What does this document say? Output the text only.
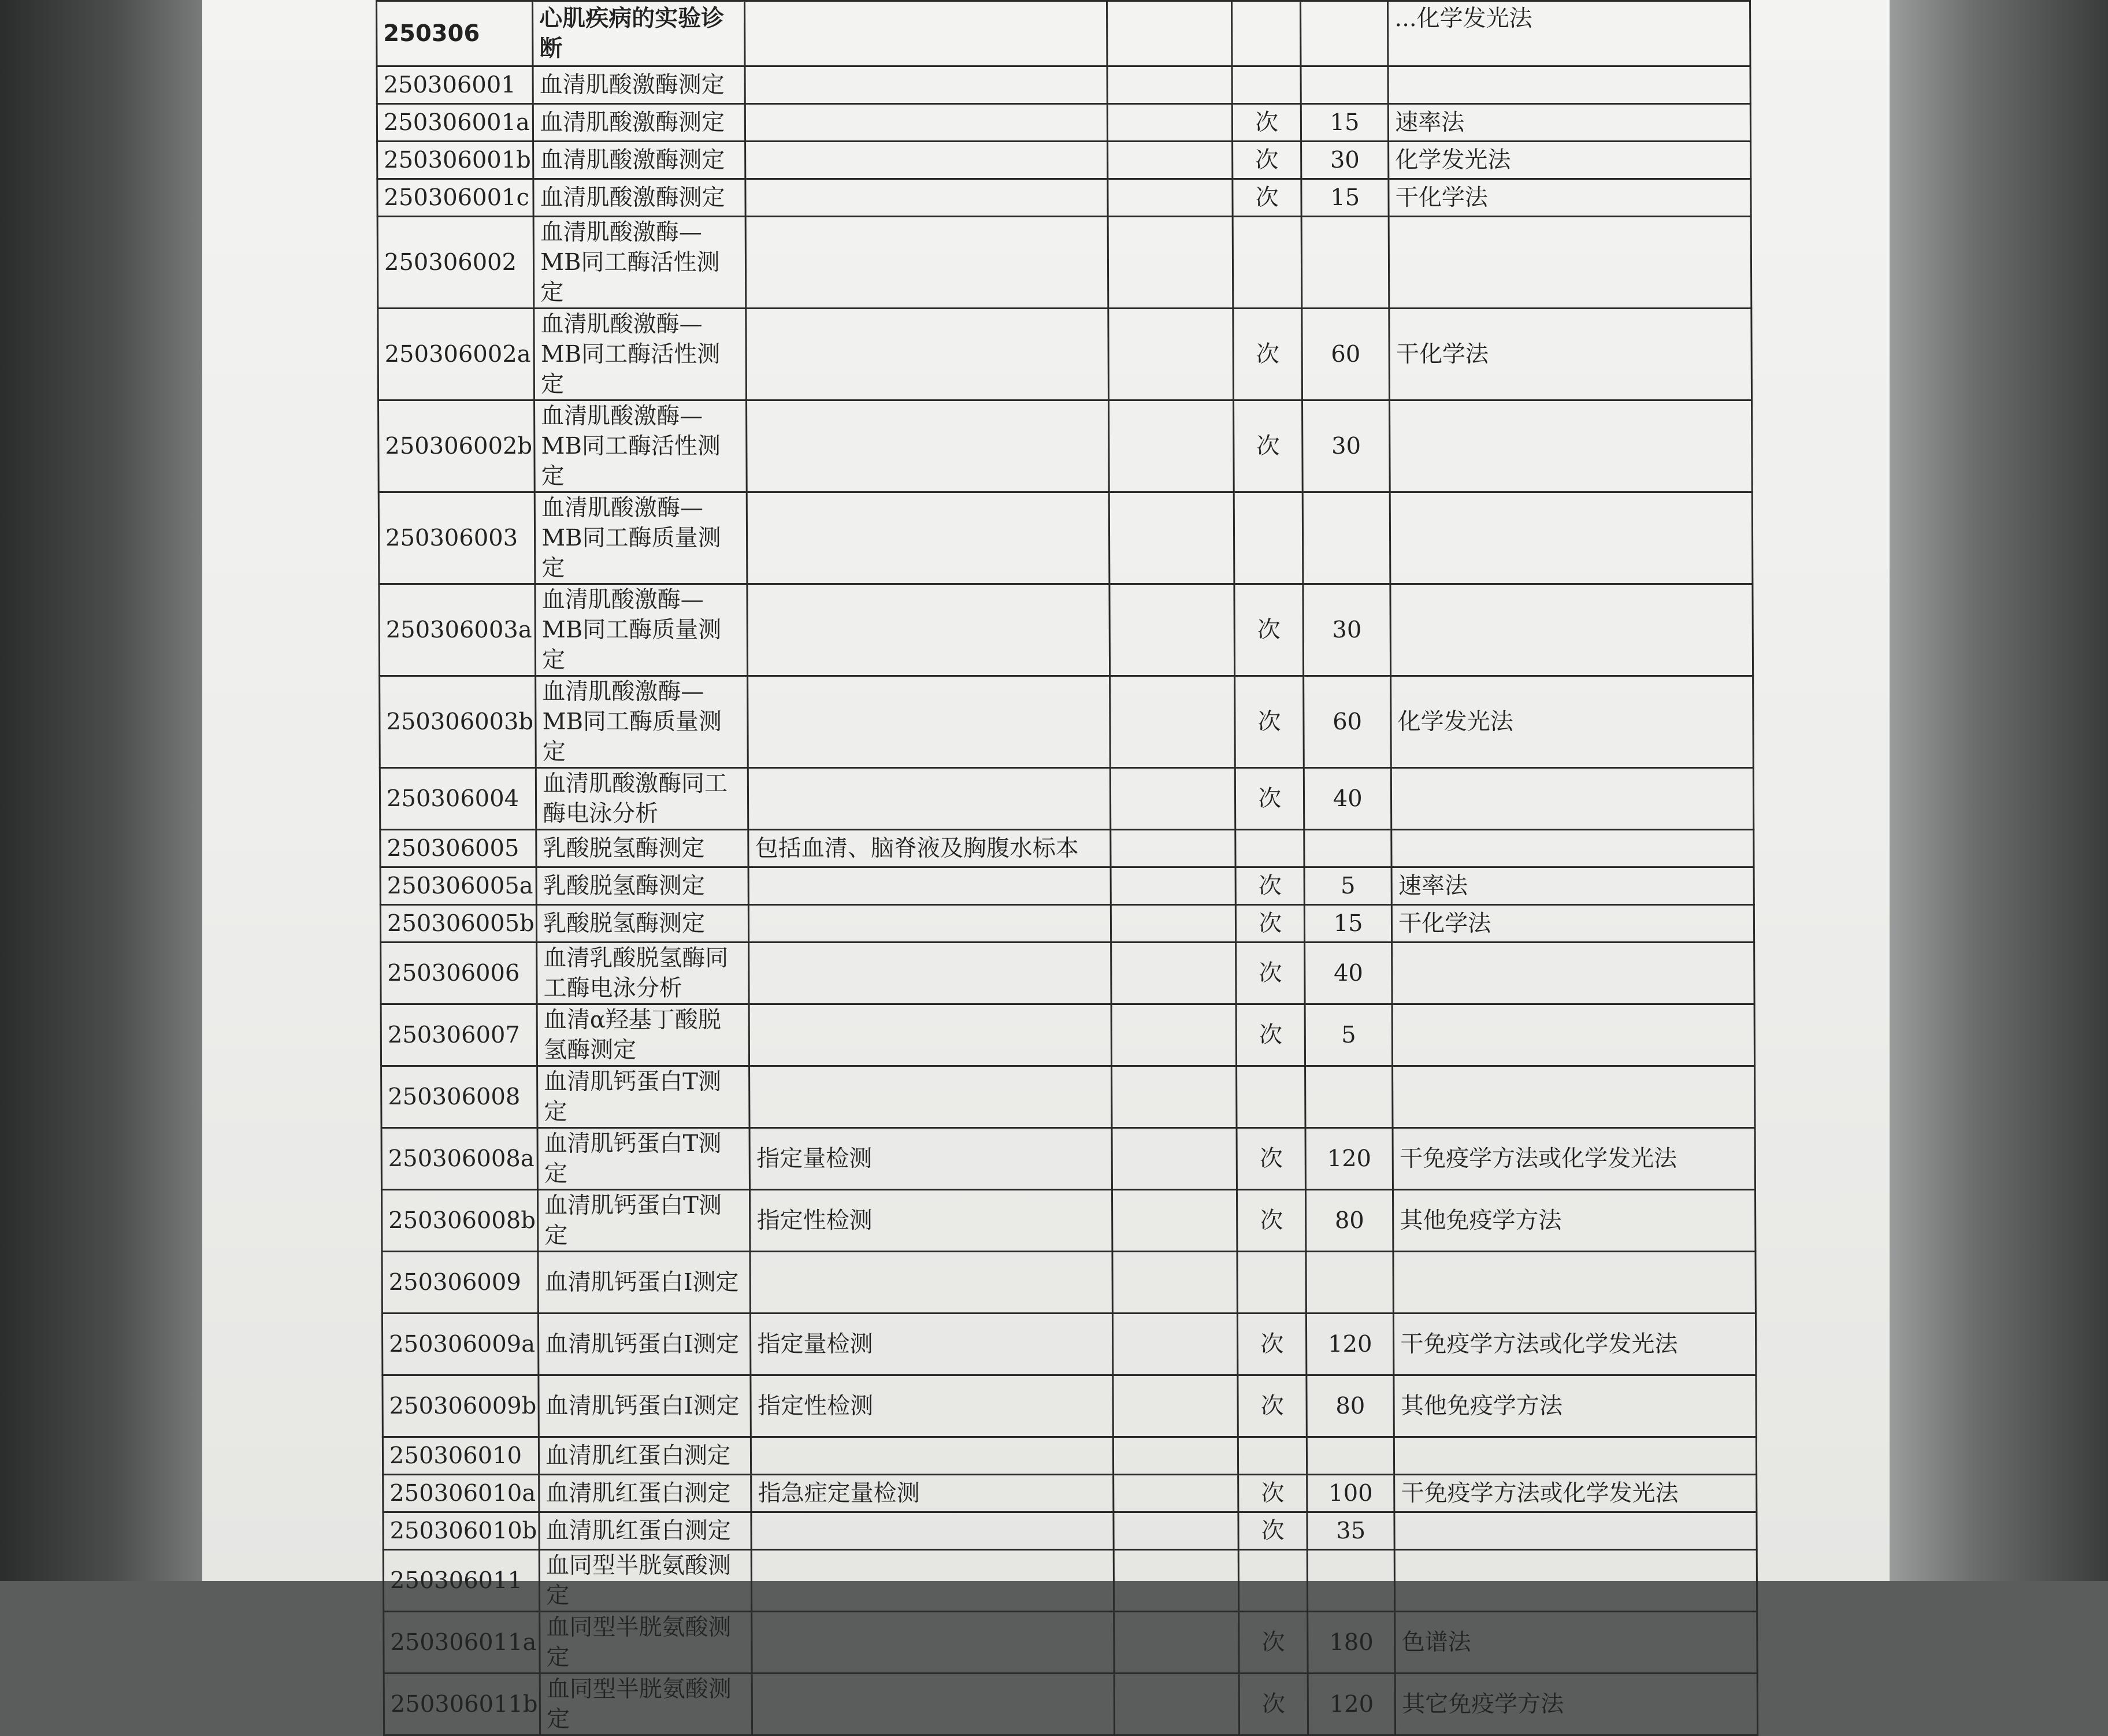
250306	心肌疾病的实验诊断					...化学发光法
250306001	血清肌酸激酶测定					
250306001a	血清肌酸激酶测定			次	15	速率法
250306001b	血清肌酸激酶测定			次	30	化学发光法
250306001c	血清肌酸激酶测定			次	15	干化学法
250306002	血清肌酸激酶—MB同工酶活性测定					
250306002a	血清肌酸激酶—MB同工酶活性测定			次	60	干化学法
250306002b	血清肌酸激酶—MB同工酶活性测定			次	30	
250306003	血清肌酸激酶—MB同工酶质量测定					
250306003a	血清肌酸激酶—MB同工酶质量测定			次	30	
250306003b	血清肌酸激酶—MB同工酶质量测定			次	60	化学发光法
250306004	血清肌酸激酶同工酶电泳分析			次	40	
250306005	乳酸脱氢酶测定	包括血清、脑脊液及胸腹水标本				
250306005a	乳酸脱氢酶测定			次	5	速率法
250306005b	乳酸脱氢酶测定			次	15	干化学法
250306006	血清乳酸脱氢酶同工酶电泳分析			次	40	
250306007	血清α羟基丁酸脱氢酶测定			次	5	
250306008	血清肌钙蛋白T测定					
250306008a	血清肌钙蛋白T测定	指定量检测		次	120	干免疫学方法或化学发光法
250306008b	血清肌钙蛋白T测定	指定性检测		次	80	其他免疫学方法
250306009	血清肌钙蛋白Ⅰ测定					
250306009a	血清肌钙蛋白Ⅰ测定	指定量检测		次	120	干免疫学方法或化学发光法
250306009b	血清肌钙蛋白Ⅰ测定	指定性检测		次	80	其他免疫学方法
250306010	血清肌红蛋白测定					
250306010a	血清肌红蛋白测定	指急症定量检测		次	100	干免疫学方法或化学发光法
250306010b	血清肌红蛋白测定			次	35	
250306011	血同型半胱氨酸测定					
250306011a	血同型半胱氨酸测定			次	180	色谱法
250306011b	血同型半胱氨酸测定			次	120	其它免疫学方法
